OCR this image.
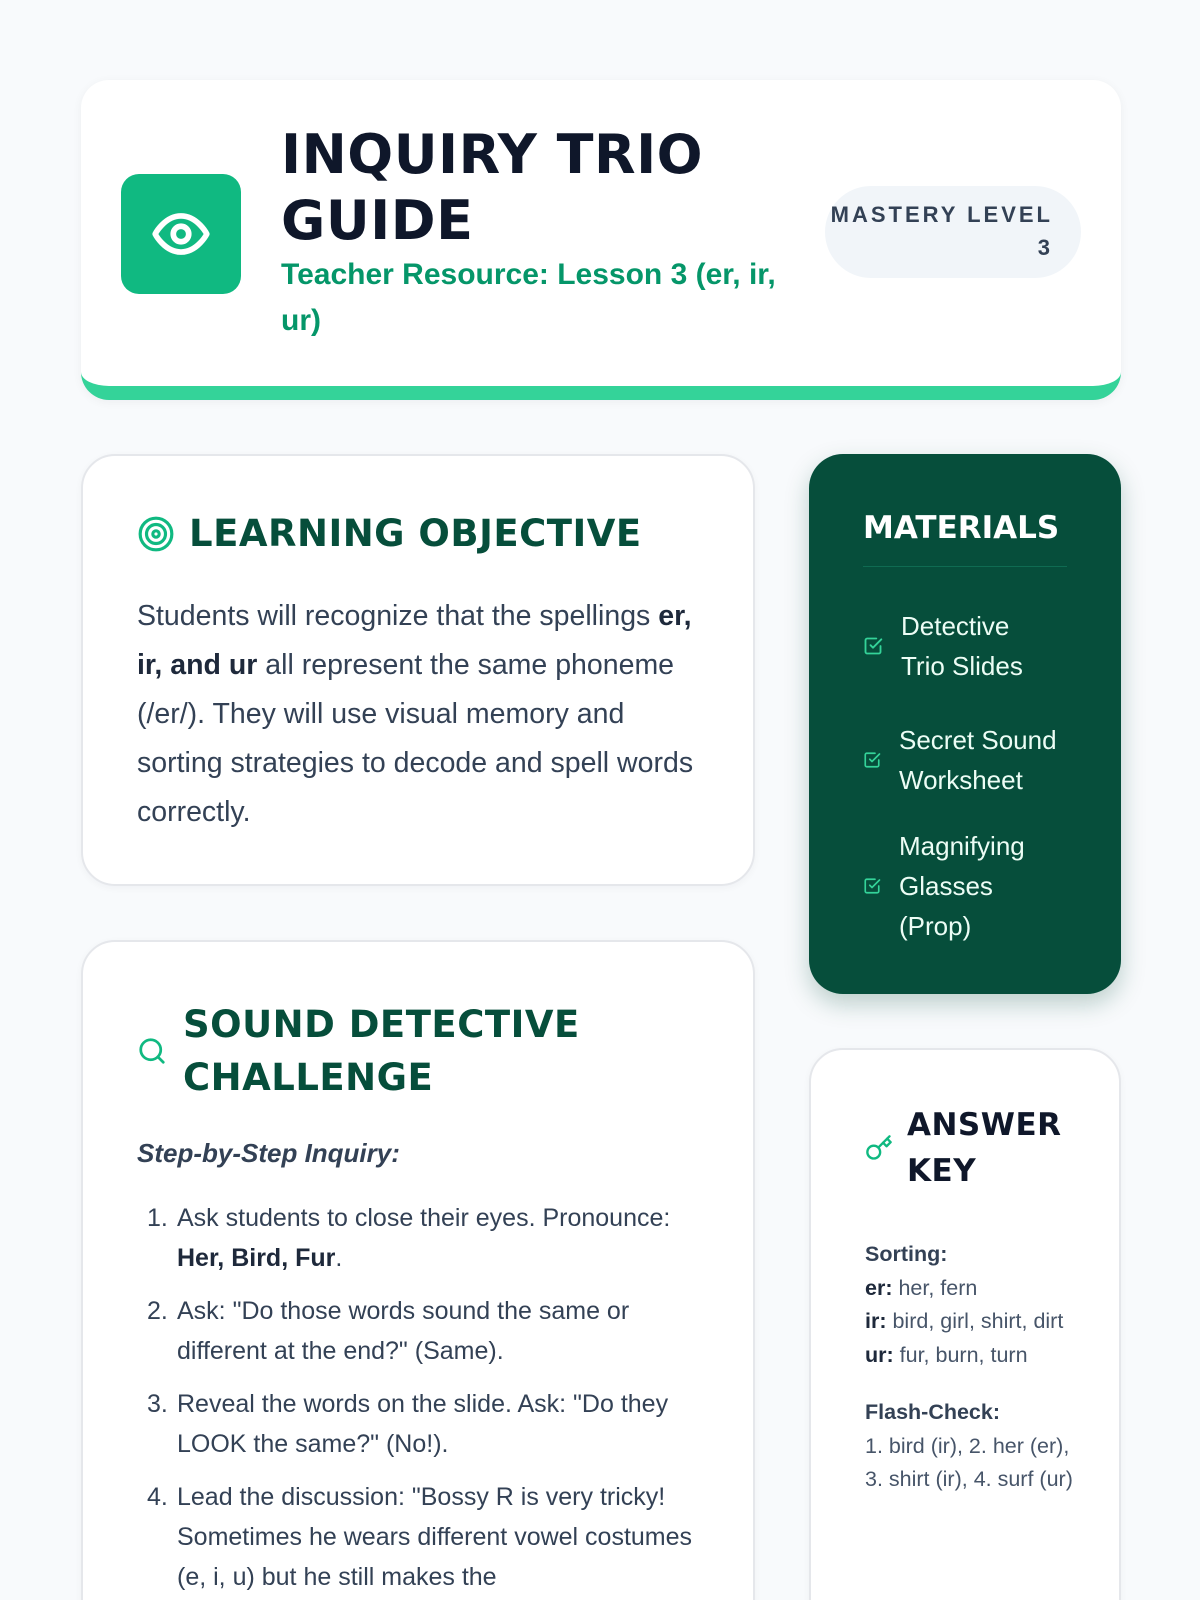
INQUIRY TRIO GUIDE
Teacher Resource: Lesson 3 (er, ir, ur)
MASTERY LEVEL 3
LEARNING OBJECTIVE
Students will recognize that the spellings er, ir, and ur all represent the same phoneme (/er/). They will use visual memory and sorting strategies to decode and spell words correctly.
MATERIALS
Detective Trio Slides
Secret Sound Worksheet
Magnifying Glasses (Prop)
SOUND DETECTIVE CHALLENGE
Step-by-Step Inquiry:
1. Ask students to close their eyes. Pronounce: Her, Bird, Fur.
2. Ask: "Do those words sound the same or different at the end?" (Same).
3. Reveal the words on the slide. Ask: "Do they LOOK the same?" (No!).
4. Lead the discussion: "Bossy R is very tricky! Sometimes he wears different vowel costumes (e, i, u) but he still makes the
ANSWER KEY
Sorting:
er: her, fern
ir: bird, girl, shirt, dirt
ur: fur, burn, turn
Flash-Check:
1. bird (ir), 2. her (er), 3. shirt (ir), 4. surf (ur)
